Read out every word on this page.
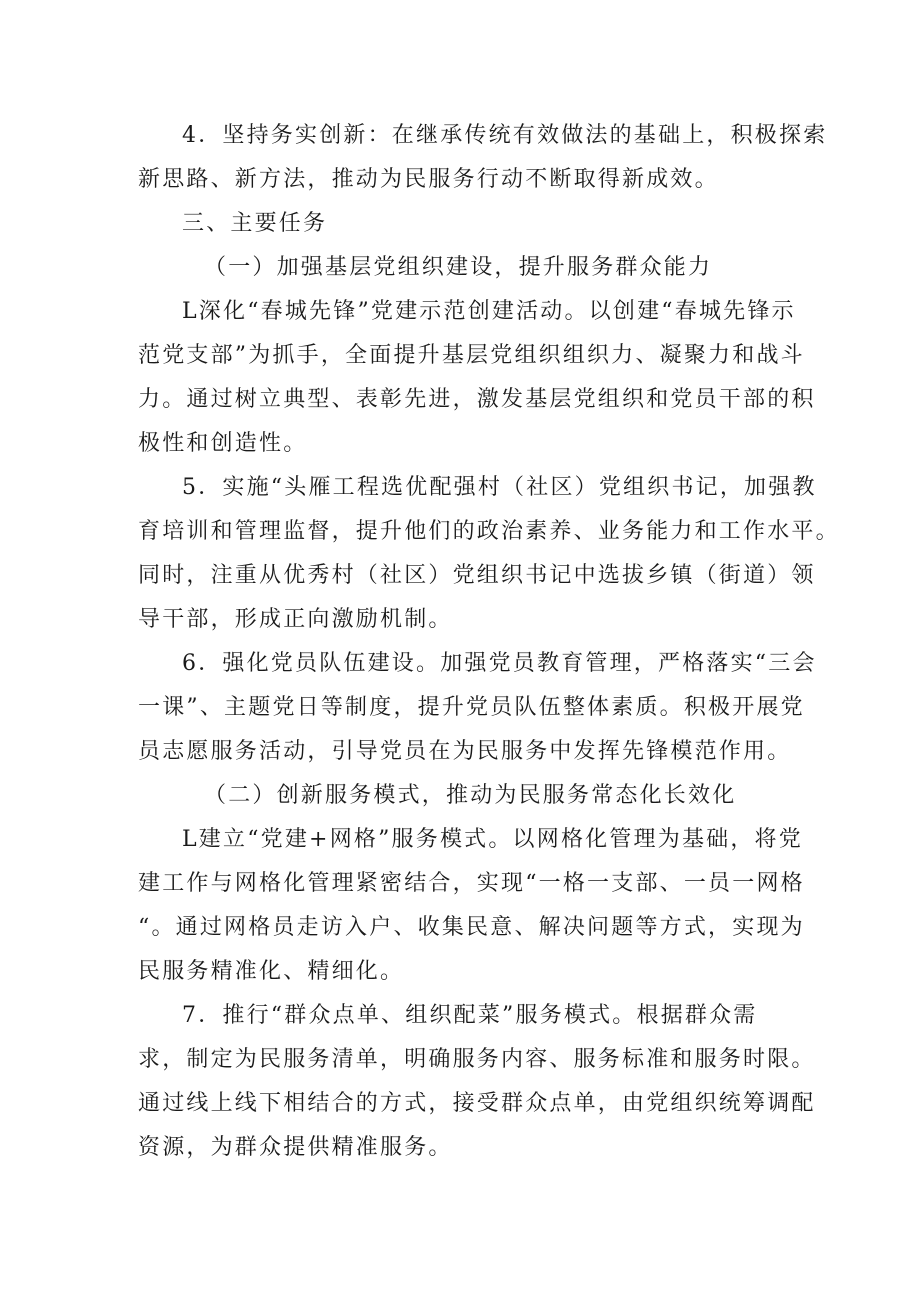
4．坚持务实创新：在继承传统有效做法的基础上，积极探索
新思路、新方法，推动为民服务行动不断取得新成效。
三、主要任务
（一）加强基层党组织建设，提升服务群众能力
L深化“春城先锋”党建示范创建活动。以创建“春城先锋示
范党支部”为抓手，全面提升基层党组织组织力、凝聚力和战斗
力。通过树立典型、表彰先进，激发基层党组织和党员干部的积
极性和创造性。
5．实施“头雁工程选优配强村（社区）党组织书记，加强教
育培训和管理监督，提升他们的政治素养、业务能力和工作水平。
同时，注重从优秀村（社区）党组织书记中选拔乡镇（街道）领
导干部，形成正向激励机制。
6．强化党员队伍建设。加强党员教育管理，严格落实“三会
一课”、主题党日等制度，提升党员队伍整体素质。积极开展党
员志愿服务活动，引导党员在为民服务中发挥先锋模范作用。
（二）创新服务模式，推动为民服务常态化长效化
L建立“党建+网格”服务模式。以网格化管理为基础，将党
建工作与网格化管理紧密结合，实现“一格一支部、一员一网格
“。通过网格员走访入户、收集民意、解决问题等方式，实现为
民服务精准化、精细化。
7．推行“群众点单、组织配菜”服务模式。根据群众需
求，制定为民服务清单，明确服务内容、服务标准和服务时限。
通过线上线下相结合的方式，接受群众点单，由党组织统筹调配
资源，为群众提供精准服务。
